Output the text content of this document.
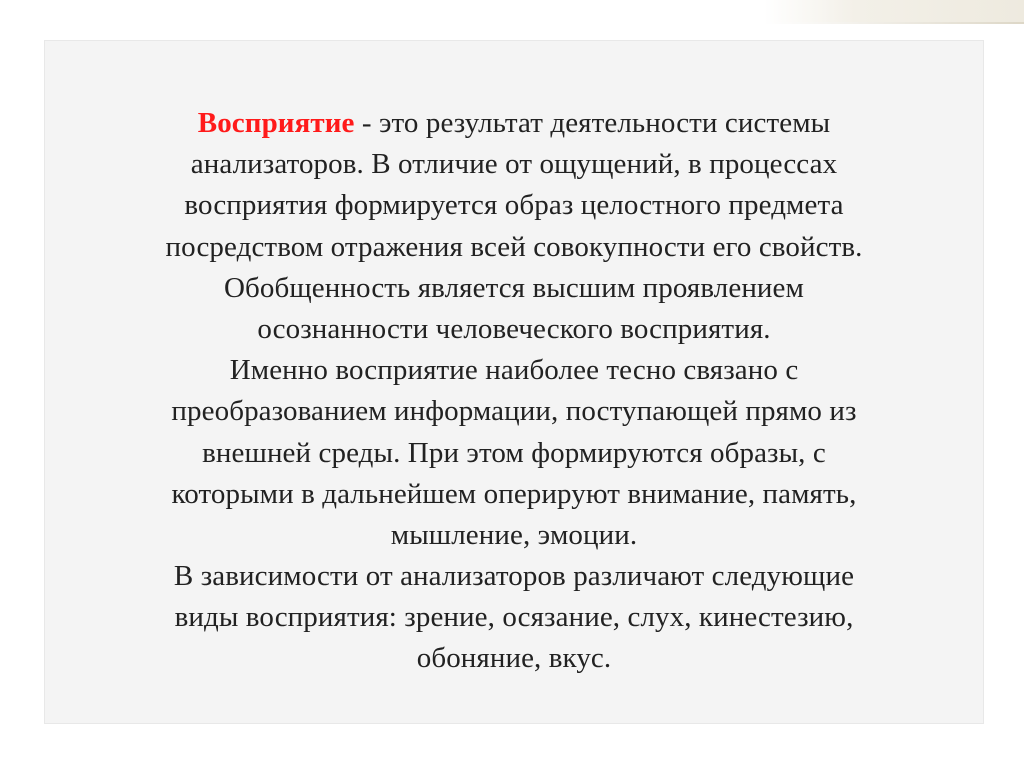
Восприятие - это результат деятельности системы
анализаторов. В отличие от ощущений, в процессах
восприятия формируется образ целостного предмета
посредством отражения всей совокупности его свойств.
Обобщенность является высшим проявлением
осознанности человеческого восприятия.
Именно восприятие наиболее тесно связано с
преобразованием информации, поступающей прямо из
внешней среды. При этом формируются образы, с
которыми в дальнейшем оперируют внимание, память,
мышление, эмоции.
В зависимости от анализаторов различают следующие
виды восприятия: зрение, осязание, слух, кинестезию,
обоняние, вкус.
